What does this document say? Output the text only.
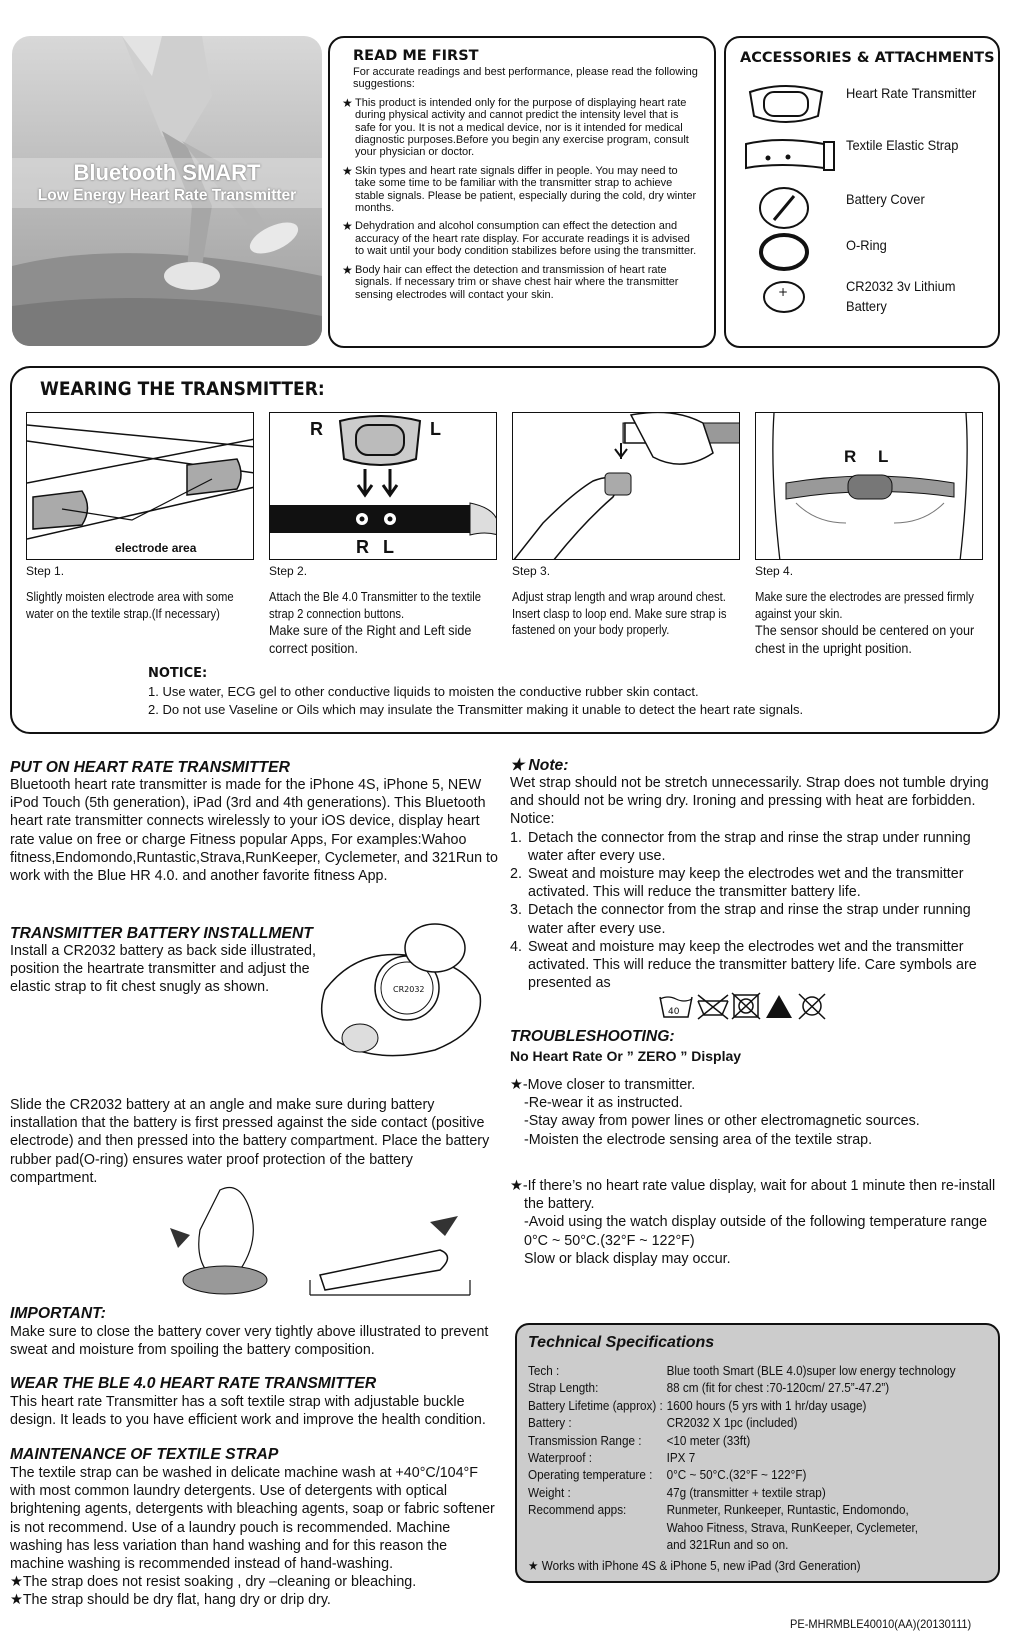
Bluetooth SMART
Low Energy Heart Rate Transmitter
READ ME FIRST
For accurate readings and best performance, please read the following suggestions:
★ This product is intended only for the purpose of displaying heart rate during physical activity and cannot predict the intensity level that is safe for you. It is not a medical device, nor is it intended for medical diagnostic purposes.Before you begin any exercise program, consult your physician or doctor.
★ Skin types and heart rate signals differ in people. You may need to take some time to be familiar with the transmitter strap to achieve stable signals. Please be patient, especially during the cold, dry winter months.
★ Dehydration and alcohol consumption can effect the detection and accuracy of the heart rate display. For accurate readings it is advised to wait until your body condition stabilizes before using the transmitter.
★ Body hair can effect the detection and transmission of heart rate signals. If necessary trim or shave chest hair where the transmitter sensing electrodes will contact your skin.
ACCESSORIES & ATTACHMENTS
Heart Rate Transmitter
Textile Elastic Strap
Battery Cover
O-Ring
+	CR2032 3v Lithium Battery
WEARING THE TRANSMITTER:
electrode area
R	L
R L
R L
Step 1.	Step 2.	Step 3.	Step 4.
Slightly moisten electrode area with some water on the textile strap.(If necessary)
Attach the Ble 4.0 Transmitter to the textile strap 2 connection buttons.
Make sure of the Right and Left side correct position.
Adjust strap length and wrap around chest. Insert clasp to loop end. Make sure strap is fastened on your body properly.
Make sure the electrodes are pressed firmly against your skin.
The sensor should be centered on your chest in the upright position.
NOTICE:
1. Use water, ECG gel to other conductive liquids to moisten the conductive rubber skin contact.
2. Do not use Vaseline or Oils which may insulate the Transmitter making it unable to detect the heart rate signals.
PUT ON HEART RATE TRANSMITTER
Bluetooth heart rate transmitter is made for the iPhone 4S, iPhone 5, NEW iPod Touch (5th generation), iPad (3rd and 4th generations). This Bluetooth heart rate transmitter connects wirelessly to your iOS device, display heart rate value on free or charge Fitness popular Apps, For examples:Wahoo fitness,Endomondo,Runtastic,Strava,RunKeeper, Cyclemeter, and 321Run to work with the Blue HR 4.0. and another favorite fitness App.
TRANSMITTER BATTERY INSTALLMENT
Install a CR2032 battery as back side illustrated, position the heartrate transmitter and adjust the elastic strap to fit chest snugly as shown.	CR2032
Slide the CR2032 battery at an angle and make sure during battery installation that the battery is first pressed against the side contact (positive electrode) and then pressed into the battery compartment. Place the battery rubber pad(O-ring) ensures water proof protection of the battery compartment.
IMPORTANT:
Make sure to close the battery cover very tightly above illustrated to prevent sweat and moisture from spoiling the battery composition.
WEAR THE BLE 4.0 HEART RATE TRANSMITTER
This heart rate Transmitter has a soft textile strap with adjustable buckle design. It leads to you have efficient work and improve the health condition.
MAINTENANCE OF TEXTILE STRAP
The textile strap can be washed in delicate machine wash at +40°C/104°F with most common laundry detergents. Use of detergents with optical brightening agents, detergents with bleaching agents, soap or fabric softener is not recommend. Use of a laundry pouch is recommended. Machine washing has less variation than hand washing and for this reason the machine washing is recommended instead of hand-washing.
★The strap does not resist soaking , dry –cleaning or bleaching.
★The strap should be dry flat, hang dry or drip dry.
★ Note:
Wet strap should not be stretch unnecessarily. Strap does not tumble drying and should not be wring dry. Ironing and pressing with heat are forbidden.
Notice:
1. Detach the connector from the strap and rinse the strap under running water after every use.
2. Sweat and moisture may keep the electrodes wet and the transmitter activated. This will reduce the transmitter battery life.
3. Detach the connector from the strap and rinse the strap under running water after every use.
4. Sweat and moisture may keep the electrodes wet and the transmitter activated. This will reduce the transmitter battery life. Care symbols are presented as
40
TROUBLESHOOTING:
No Heart Rate Or ” ZERO ” Display
★-Move closer to transmitter.
-Re-wear it as instructed.
-Stay away from power lines or other electromagnetic sources.
-Moisten the electrode sensing area of the textile strap.
★-If there’s no heart rate value display, wait for about 1 minute then re-install the battery.
-Avoid using the watch display outside of the following temperature range 0°C ~ 50°C.(32°F ~ 122°F)
Slow or black display may occur.
Technical Specifications
Tech :	Blue tooth Smart (BLE 4.0)super low energy technology
Strap Length:	88 cm (fit for chest :70-120cm/ 27.5”-47.2”)
Battery Lifetime (approx) : 1600 hours (5 yrs with 1 hr/day usage)
Battery :	CR2032 X 1pc (included)
Transmission Range : <10 meter (33ft)
Waterproof :	IPX 7
Operating temperature : 0°C ~ 50°C.(32°F ~ 122°F)
Weight :	47g (transmitter + textile strap)
Recommend apps:	Runmeter, Runkeeper, Runtastic, Endomondo,
Wahoo Fitness, Strava, RunKeeper, Cyclemeter,
and 321Run and so on.
★ Works with iPhone 4S & iPhone 5, new iPad (3rd Generation)
PE-MHRMBLE40010(AA)(20130111)
